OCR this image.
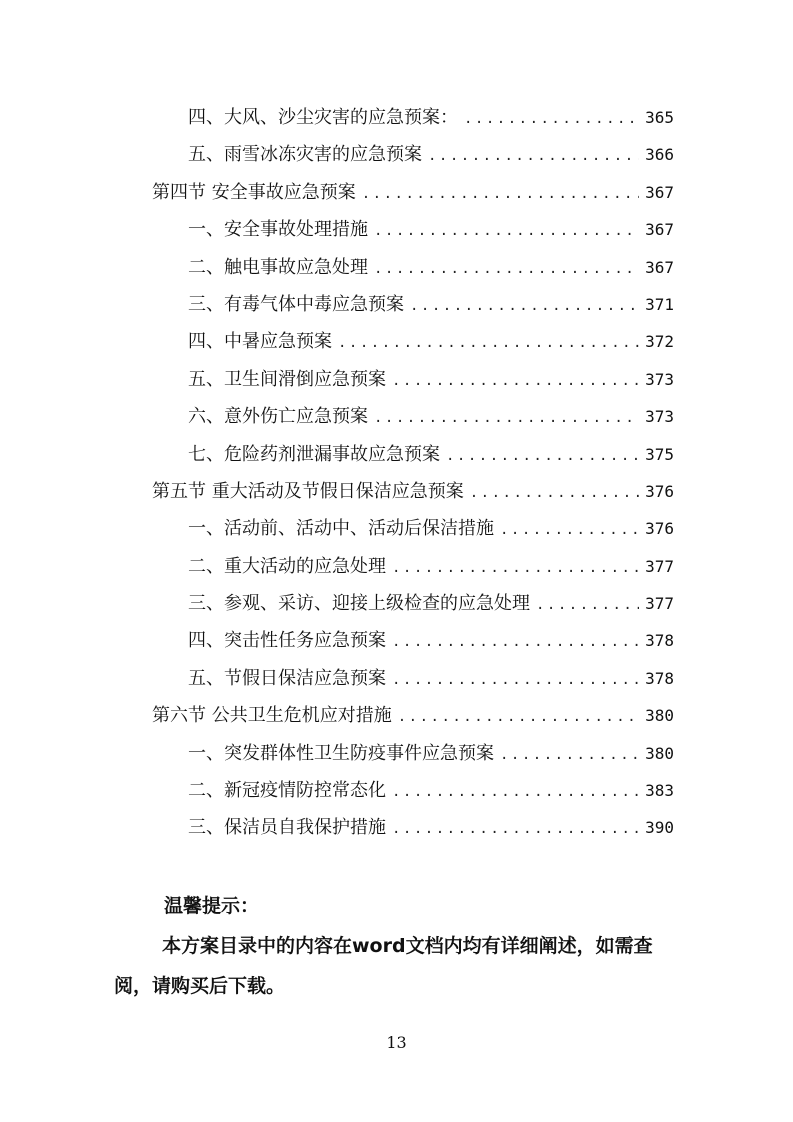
四、大风、沙尘灾害的应急预案： .....	365
五、雨雪冰冻灾害的应急预案 .....	366
第四节 安全事故应急预案 .....	367
一、安全事故处理措施 .....	367
二、触电事故应急处理 .....	367
三、有毒气体中毒应急预案 .....	371
四、中暑应急预案 .....	372
五、卫生间滑倒应急预案 .....	373
六、意外伤亡应急预案 .....	373
七、危险药剂泄漏事故应急预案 .....	375
第五节 重大活动及节假日保洁应急预案 .....	376
一、活动前、活动中、活动后保洁措施 .....	376
二、重大活动的应急处理 .....	377
三、参观、采访、迎接上级检查的应急处理 .....	377
四、突击性任务应急预案 .....	378
五、节假日保洁应急预案 .....	378
第六节 公共卫生危机应对措施 .....	380
一、突发群体性卫生防疫事件应急预案 .....	380
二、新冠疫情防控常态化 .....	383
三、保洁员自我保护措施 .....	390
温馨提示：
本方案目录中的内容在word文档内均有详细阐述，如需查阅，请购买后下载。
13
